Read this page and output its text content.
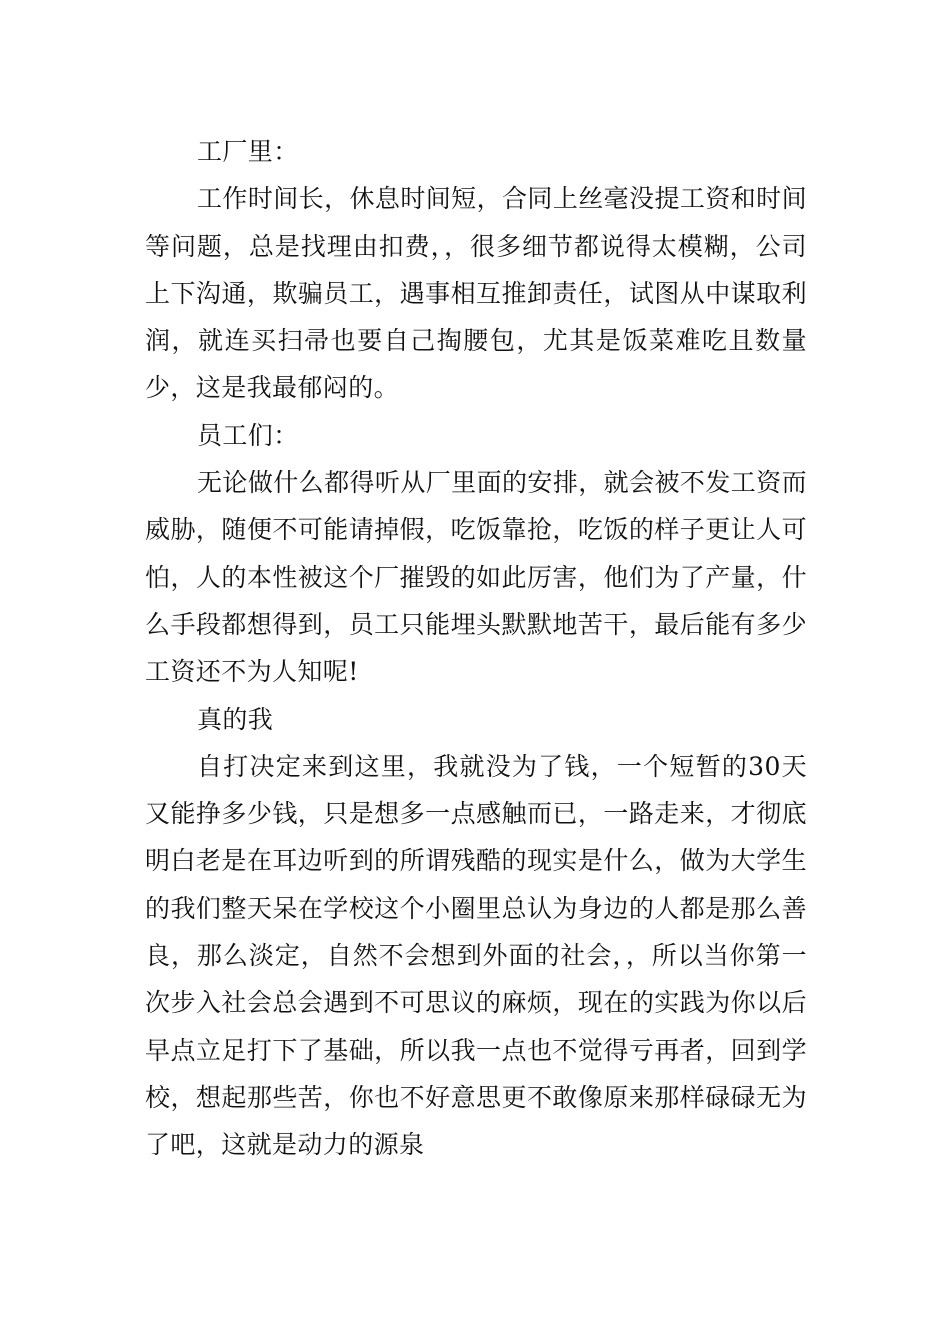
工厂里：

工作时间长，休息时间短，合同上丝毫没提工资和时间等问题，总是找理由扣费，，很多细节都说得太模糊，公司上下沟通，欺骗员工，遇事相互推卸责任，试图从中谋取利润，就连买扫帚也要自己掏腰包，尤其是饭菜难吃且数量少，这是我最郁闷的。

员工们：

无论做什么都得听从厂里面的安排，就会被不发工资而威胁，随便不可能请掉假，吃饭靠抢，吃饭的样子更让人可怕，人的本性被这个厂摧毁的如此厉害，他们为了产量，什么手段都想得到，员工只能埋头默默地苦干，最后能有多少工资还不为人知呢!

真的我

自打决定来到这里，我就没为了钱，一个短暂的30天又能挣多少钱，只是想多一点感触而已，一路走来，才彻底明白老是在耳边听到的所谓残酷的现实是什么，做为大学生的我们整天呆在学校这个小圈里总认为身边的人都是那么善良，那么淡定，自然不会想到外面的社会，，所以当你第一次步入社会总会遇到不可思议的麻烦，现在的实践为你以后早点立足打下了基础，所以我一点也不觉得亏再者，回到学校，想起那些苦，你也不好意思更不敢像原来那样碌碌无为了吧，这就是动力的源泉
